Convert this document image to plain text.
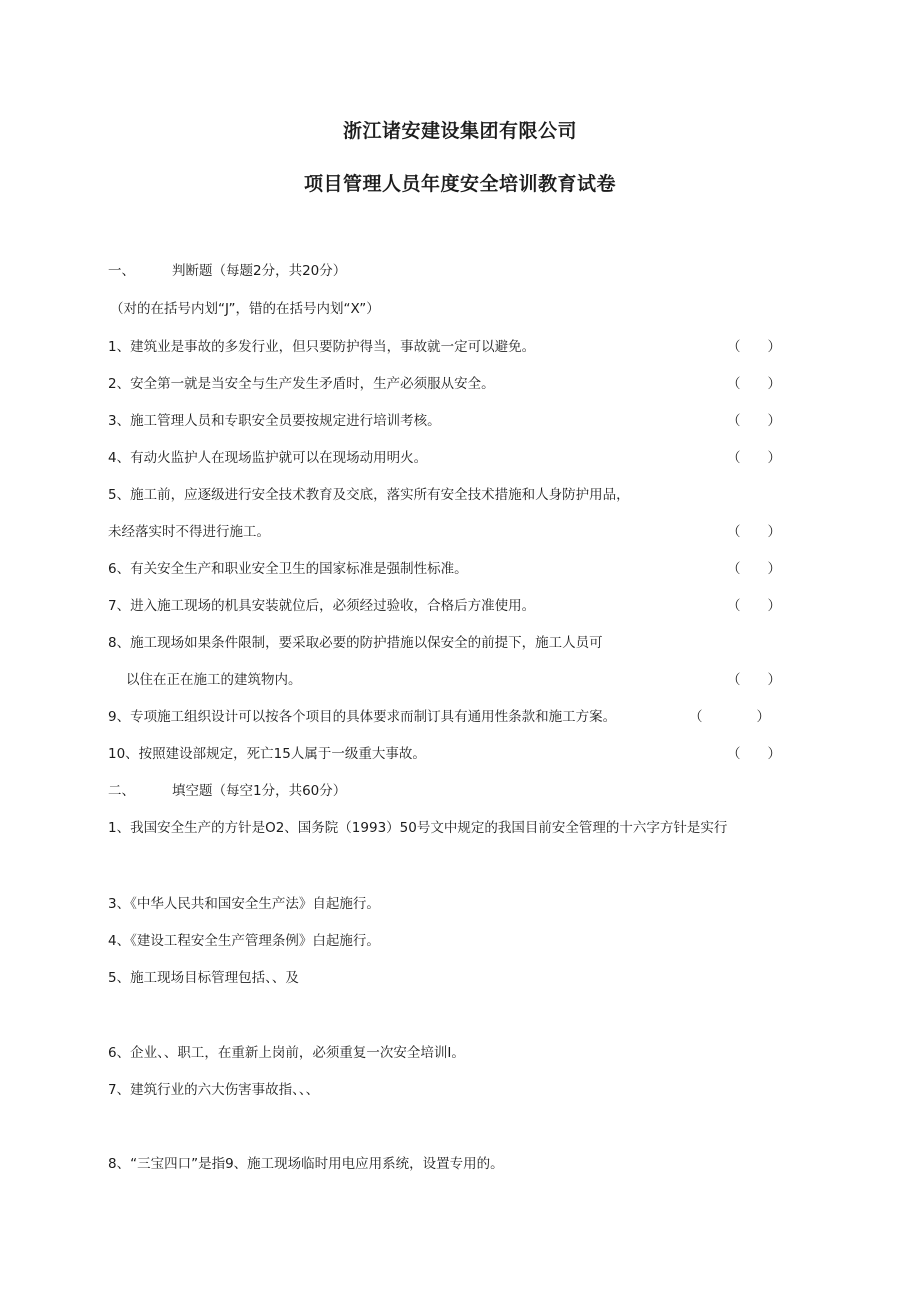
浙江诸安建设集团有限公司
项目管理人员年度安全培训教育试卷
一、	判断题（每题2分，共20分）
（对的在括号内划“J”，错的在括号内划“X”）
1、建筑业是事故的多发行业，但只要防护得当，事故就一定可以避免。	（　　）
2、安全第一就是当安全与生产发生矛盾时，生产必须服从安全。	（　　）
3、施工管理人员和专职安全员要按规定进行培训考核。	（　　）
4、有动火监护人在现场监护就可以在现场动用明火。	（　　）
5、施工前，应逐级进行安全技术教育及交底，落实所有安全技术措施和人身防护用品，
未经落实时不得进行施工。	（　　）
6、有关安全生产和职业安全卫生的国家标准是强制性标准。	（　　）
7、进入施工现场的机具安装就位后，必须经过验收，合格后方准使用。	（　　）
8、施工现场如果条件限制，要采取必要的防护措施以保安全的前提下，施工人员可
以住在正在施工的建筑物内。	（　　）
9、专项施工组织设计可以按各个项目的具体要求而制订具有通用性条款和施工方案。	（　　　　）
10、按照建设部规定，死亡15人属于一级重大事故。	（　　）
二、	填空题（每空1分，共60分）
1、我国安全生产的方针是O2、国务院（1993）50号文中规定的我国目前安全管理的十六字方针是实行
3、《中华人民共和国安全生产法》自起施行。
4、《建设工程安全生产管理条例》白起施行。
5、施工现场目标管理包括、、及
6、企业、、职工，在重新上岗前，必须重复一次安全培训I。
7、建筑行业的六大伤害事故指、、、
8、“三宝四口”是指9、施工现场临时用电应用系统，设置专用的。
